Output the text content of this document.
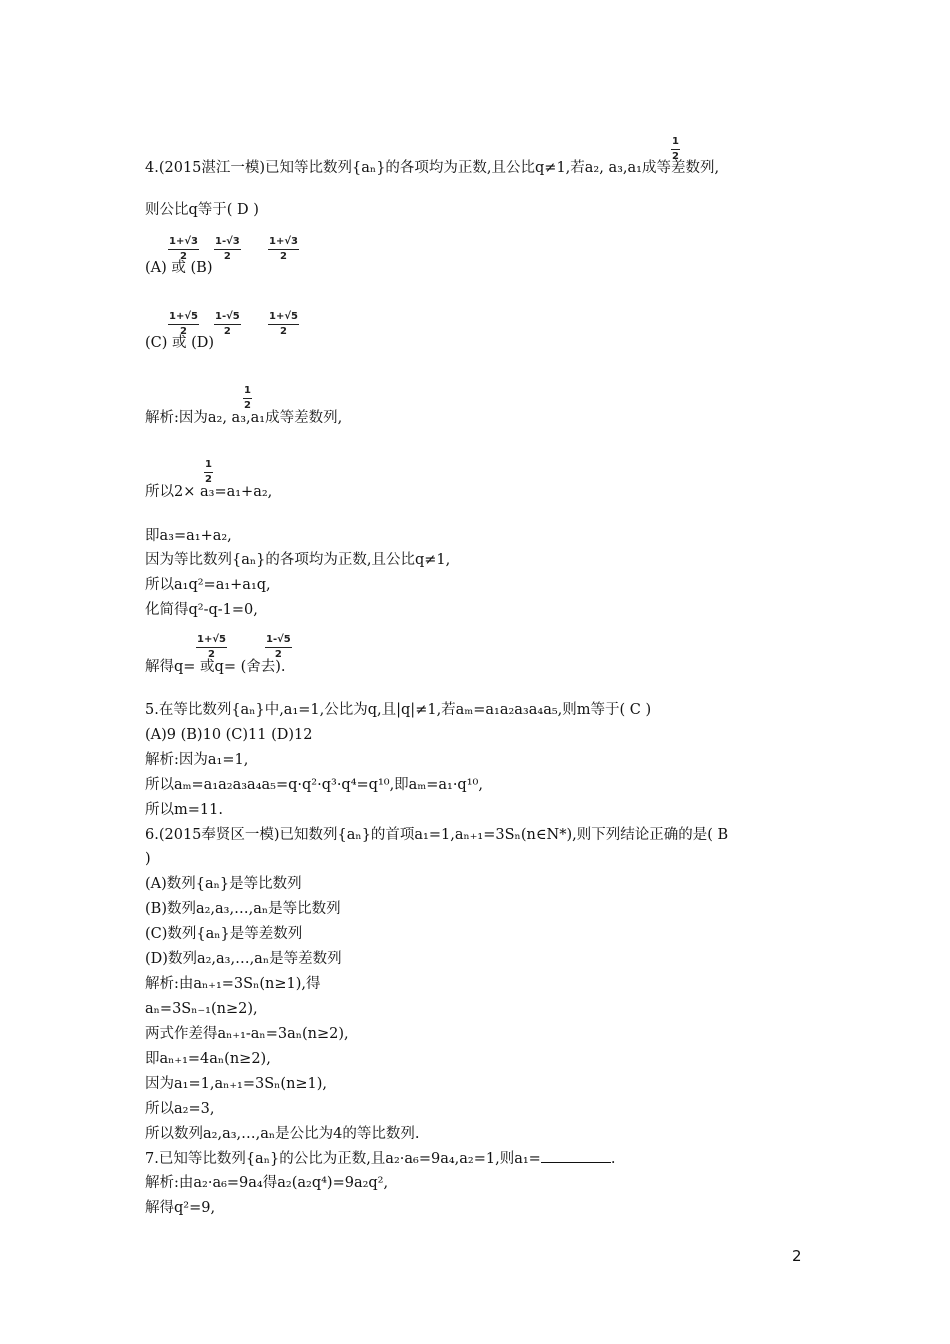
4.(2015湛江一模)已知等比数列{aₙ}的各项均为正数,且公比q≠1,若a₂, a₃,a₁成等差数列,
1
2
则公比q等于( D )
(A) 或 (B)
1+√3
2
1-√3
2
1+√3
2
(C) 或 (D)
1+√5
2
1-√5
2
1+√5
2
解析:因为a₂, a₃,a₁成等差数列,
1
2
所以2× a₃=a₁+a₂,
1
2
即a₃=a₁+a₂,
因为等比数列{aₙ}的各项均为正数,且公比q≠1,
所以a₁q²=a₁+a₁q,
化简得q²-q-1=0,
解得q= 或q= (舍去).
1+√5
2
1-√5
2
5.在等比数列{aₙ}中,a₁=1,公比为q,且|q|≠1,若aₘ=a₁a₂a₃a₄a₅,则m等于( C )
(A)9 (B)10 (C)11 (D)12
解析:因为a₁=1,
所以aₘ=a₁a₂a₃a₄a₅=q·q²·q³·q⁴=q¹⁰,即aₘ=a₁·q¹⁰,
所以m=11.
6.(2015奉贤区一模)已知数列{aₙ}的首项a₁=1,aₙ₊₁=3Sₙ(n∈N*),则下列结论正确的是( B
)
(A)数列{aₙ}是等比数列
(B)数列a₂,a₃,…,aₙ是等比数列
(C)数列{aₙ}是等差数列
(D)数列a₂,a₃,…,aₙ是等差数列
解析:由aₙ₊₁=3Sₙ(n≥1),得
aₙ=3Sₙ₋₁(n≥2),
两式作差得aₙ₊₁-aₙ=3aₙ(n≥2),
即aₙ₊₁=4aₙ(n≥2),
因为a₁=1,aₙ₊₁=3Sₙ(n≥1),
所以a₂=3,
所以数列a₂,a₃,…,aₙ是公比为4的等比数列.
7.已知等比数列{aₙ}的公比为正数,且a₂·a₆=9a₄,a₂=1,则a₁=	.
解析:由a₂·a₆=9a₄得a₂(a₂q⁴)=9a₂q²,
解得q²=9,
2
